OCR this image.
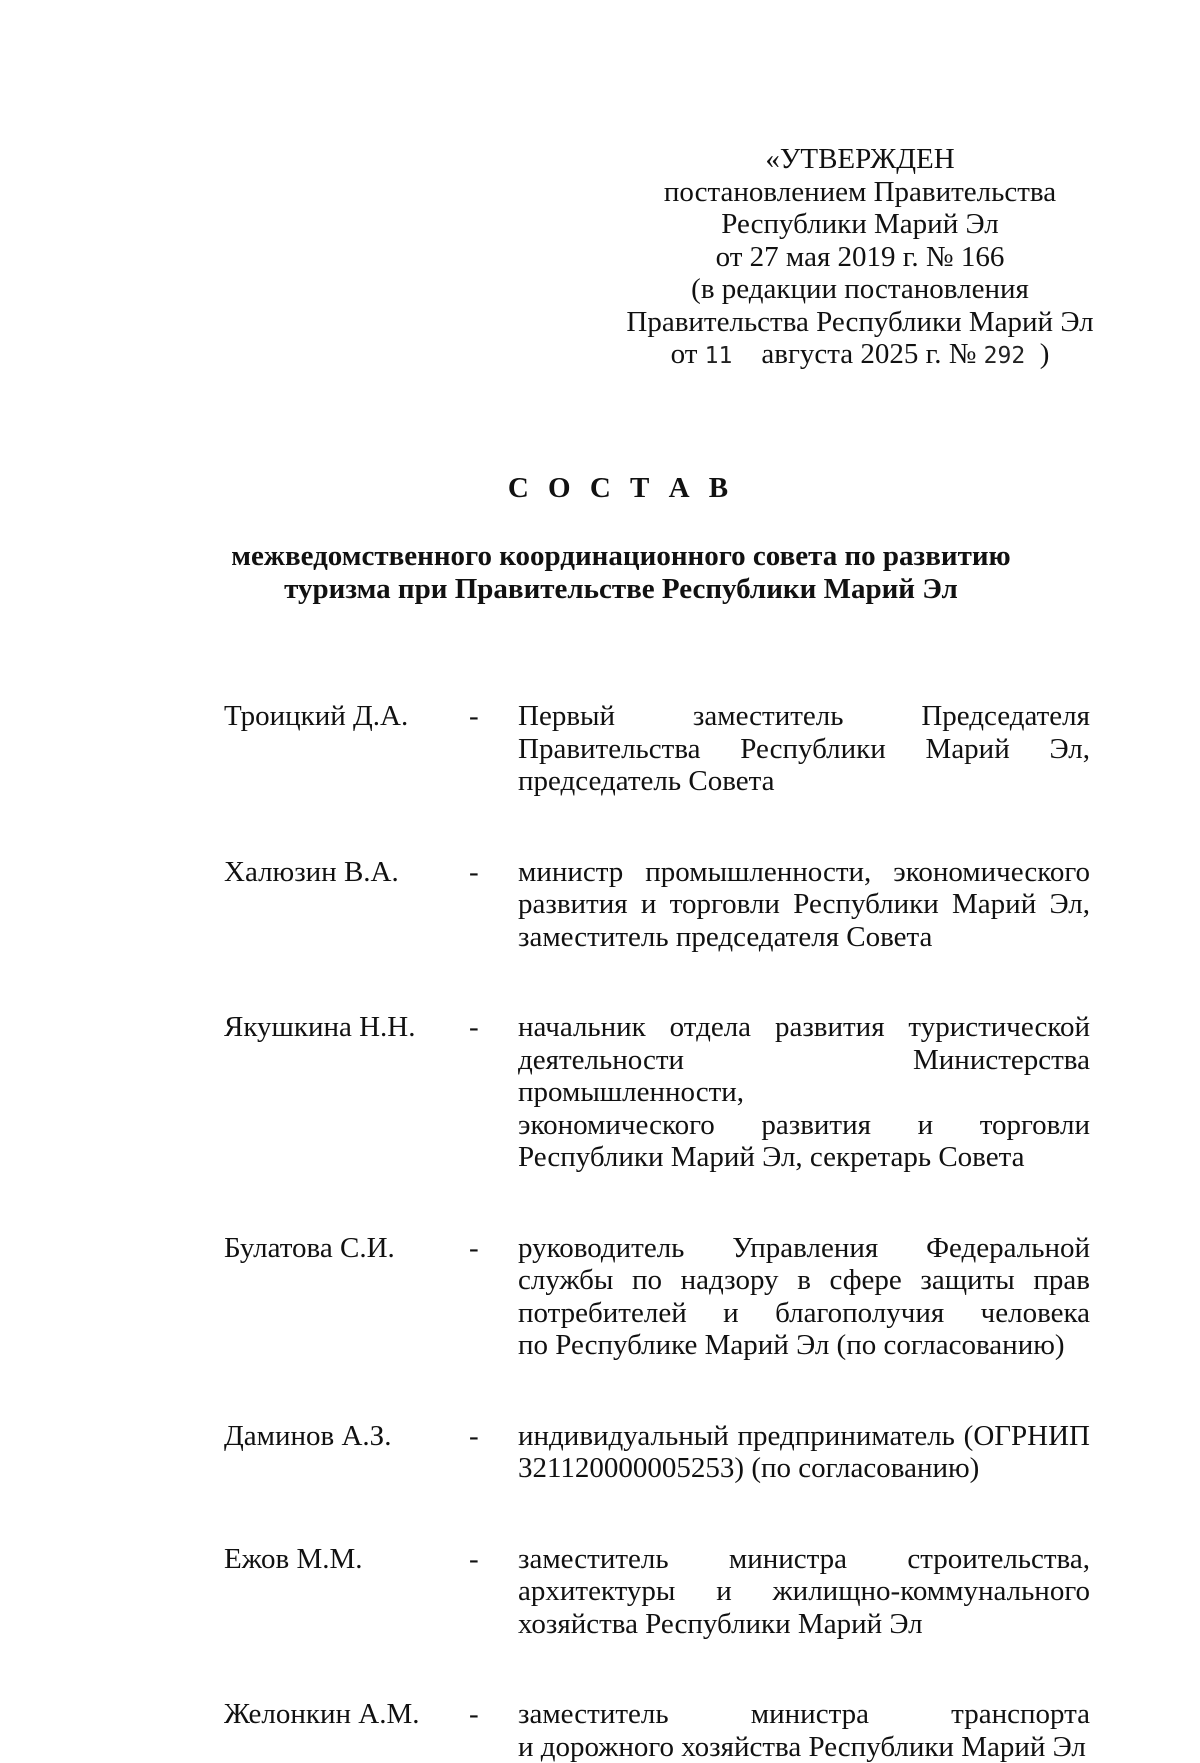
«УТВЕРЖДЕН
постановлением Правительства
Республики Марий Эл
от 27 мая 2019 г. № 166
(в редакции постановления
Правительства Республики Марий Эл
от 11 августа 2025 г. № 292 )
С О С Т А В
межведомственного координационного совета по развитию
туризма при Правительстве Республики Марий Эл
Троицкий Д.А. - Первый заместитель Председателя
Правительства Республики Марий Эл,
председатель Совета
Халюзин В.А. - министр промышленности, экономического
развития и торговли Республики Марий Эл,
заместитель председателя Совета
Якушкина Н.Н. - начальник отдела развития туристической
деятельности Министерства промышленности,
экономического развития и торговли
Республики Марий Эл, секретарь Совета
Булатова С.И.	- руководитель Управления Федеральной
службы по надзору в сфере защиты прав
потребителей и благополучия человека
по Республике Марий Эл (по согласованию)
Даминов А.З.	- индивидуальный предприниматель (ОГРНИП
321120000005253) (по согласованию)
Ежов М.М.	- заместитель министра строительства,
архитектуры и жилищно-коммунального
хозяйства Республики Марий Эл
Желонкин А.М. - заместитель министра транспорта
и дорожного хозяйства Республики Марий Эл
